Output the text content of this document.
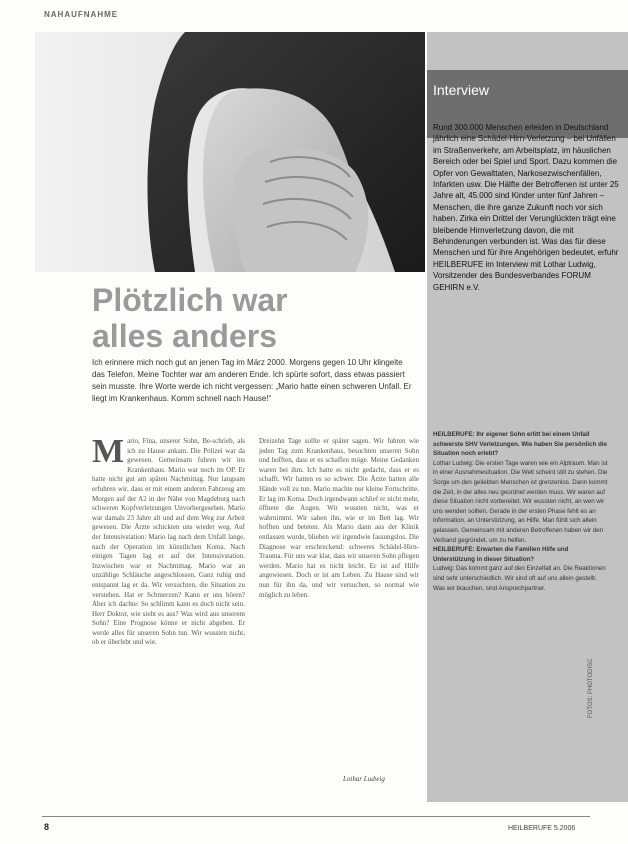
NAHAUFNAHME
Plötzlich war
alles anders
Ich erinnere mich noch gut an jenen Tag im März 2000. Morgens gegen 10 Uhr klingelte das Telefon. Meine Tochter war am anderen Ende. Ich spürte sofort, dass etwas passiert sein musste. Ihre Worte werde ich nicht vergessen: „Mario hatte einen schweren Unfall. Er liegt im Krankenhaus. Komm schnell nach Hause!“
M ario, Fina, unserer Sohn, Be-schrieb, als ich zu Hause ankam. Die Polizei war da gewesen. Gemeinsam fuhren wir ins Krankenhaus. Mario war noch im OP. Er hatte nicht gut am späten Nachmittag. Nur langsam erfuhren wir, dass er mit einem anderen Fahrzeug am Morgen auf der A2 in der Nähe von Magdeburg nach schweren Kopfverletzungen Unvorhergesehen. Mario war damals 23 Jahre alt und auf dem Weg zur Arbeit gewesen. Die Ärzte schickten uns wieder weg. Auf der Intensivstation: Mario lag nach dem Unfall lange, nach der Operation im künstlichen Koma. Nach einigen Tagen lag er auf der Intensivstation. Inzwischen war er Nachmittag. Mario war an unzählige Schläuche angeschlossen. Ganz ruhig und entspannt lag er da. Wir versuchten, die Situation zu verstehen. Hat er Schmerzen? Kann er uns hören? Aber ich dachte: So schlimm kann es doch nicht sein. Herr Doktor, wie sieht es aus? Was wird aus unserem Sohn? Eine Prognose könne er nicht abgeben. Er werde alles für unseren Sohn tun. Wir wussten nicht, ob er überlebt und wie.
Dreizehn Tage sollte er später sagen. Wir fuhren wie jeden Tag zum Krankenhaus, besuchten unseren Sohn und hofften, dass er es schaffen möge. Meine Gedanken waren bei ihm. Ich hatte es nicht gedacht, dass er es schafft. Wir hatten es so schwer. Die Ärzte hatten alle Hände voll zu tun. Mario machte nur kleine Fortschritte. Er lag im Koma. Doch irgendwann schlief er nicht mehr, öffnete die Augen. Wir wussten nicht, was er wahrnimmt. Wir sahen ihn, wie er im Bett lag. Wir hofften und beteten. Als Mario dann aus der Klinik entlassen wurde, blieben wir irgendwie fassungslos. Die Diagnose war erschreckend: schweres Schädel-Hirn-Trauma. Für uns war klar, dass wir unseren Sohn pflegen werden. Mario hat es nicht leicht. Er ist auf Hilfe angewiesen. Doch er ist am Leben. Zu Hause sind wir nun für ihn da, und wir versuchen, so normal wie möglich zu leben.
Lothar Ludwig
Interview
Rund 300.000 Menschen erleiden in Deutschland jährlich eine Schädel-Hirn-Verletzung – bei Unfällen im Straßenverkehr, am Arbeitsplatz, im häuslichen Bereich oder bei Spiel und Sport. Dazu kommen die Opfer von Gewalttaten, Narkosezwischenfällen, Infarkten usw. Die Hälfte der Betroffenen ist unter 25 Jahre alt, 45.000 sind Kinder unter fünf Jahren – Menschen, die ihre ganze Zukunft noch vor sich haben. Zirka ein Drittel der Verunglückten trägt eine bleibende Hirnverletzung davon, die mit Behinderungen verbunden ist. Was das für diese Menschen und für ihre Angehörigen bedeutet, erfuhr HEILBERUFE im Interview mit Lothar Ludwig, Vorsitzender des Bundesverbandes FORUM GEHIRN e.V.
HEILBERUFE: Ihr eigener Sohn erlitt bei einem Unfall schwerste SHV Verletzungen. Wie haben Sie persönlich die Situation noch erlebt?
Lothar Ludwig: Die ersten Tage waren wie ein Alptraum. Man ist in einer Ausnahmesituation. Die Welt scheint still zu stehen. Die Sorge um den geliebten Menschen ist grenzenlos. Dann kommt die Zeit, in der alles neu geordnet werden muss. Wir waren auf diese Situation nicht vorbereitet. Wir wussten nicht, an wen wir uns wenden sollten. Gerade in der ersten Phase fehlt es an Information, an Unterstützung, an Hilfe. Man fühlt sich allein gelassen. Gemeinsam mit anderen Betroffenen haben wir den Verband gegründet, um zu helfen.
HEILBERUFE: Erwarten die Familien Hilfe und Unterstützung in dieser Situation?
Ludwig: Das kommt ganz auf den Einzelfall an. Die Reaktionen sind sehr unterschiedlich. Wir sind oft auf uns allein gestellt. Was wir brauchen, sind Ansprechpartner.
FOTOS: PHOTODISC
8	HEILBERUFE 5.2006
